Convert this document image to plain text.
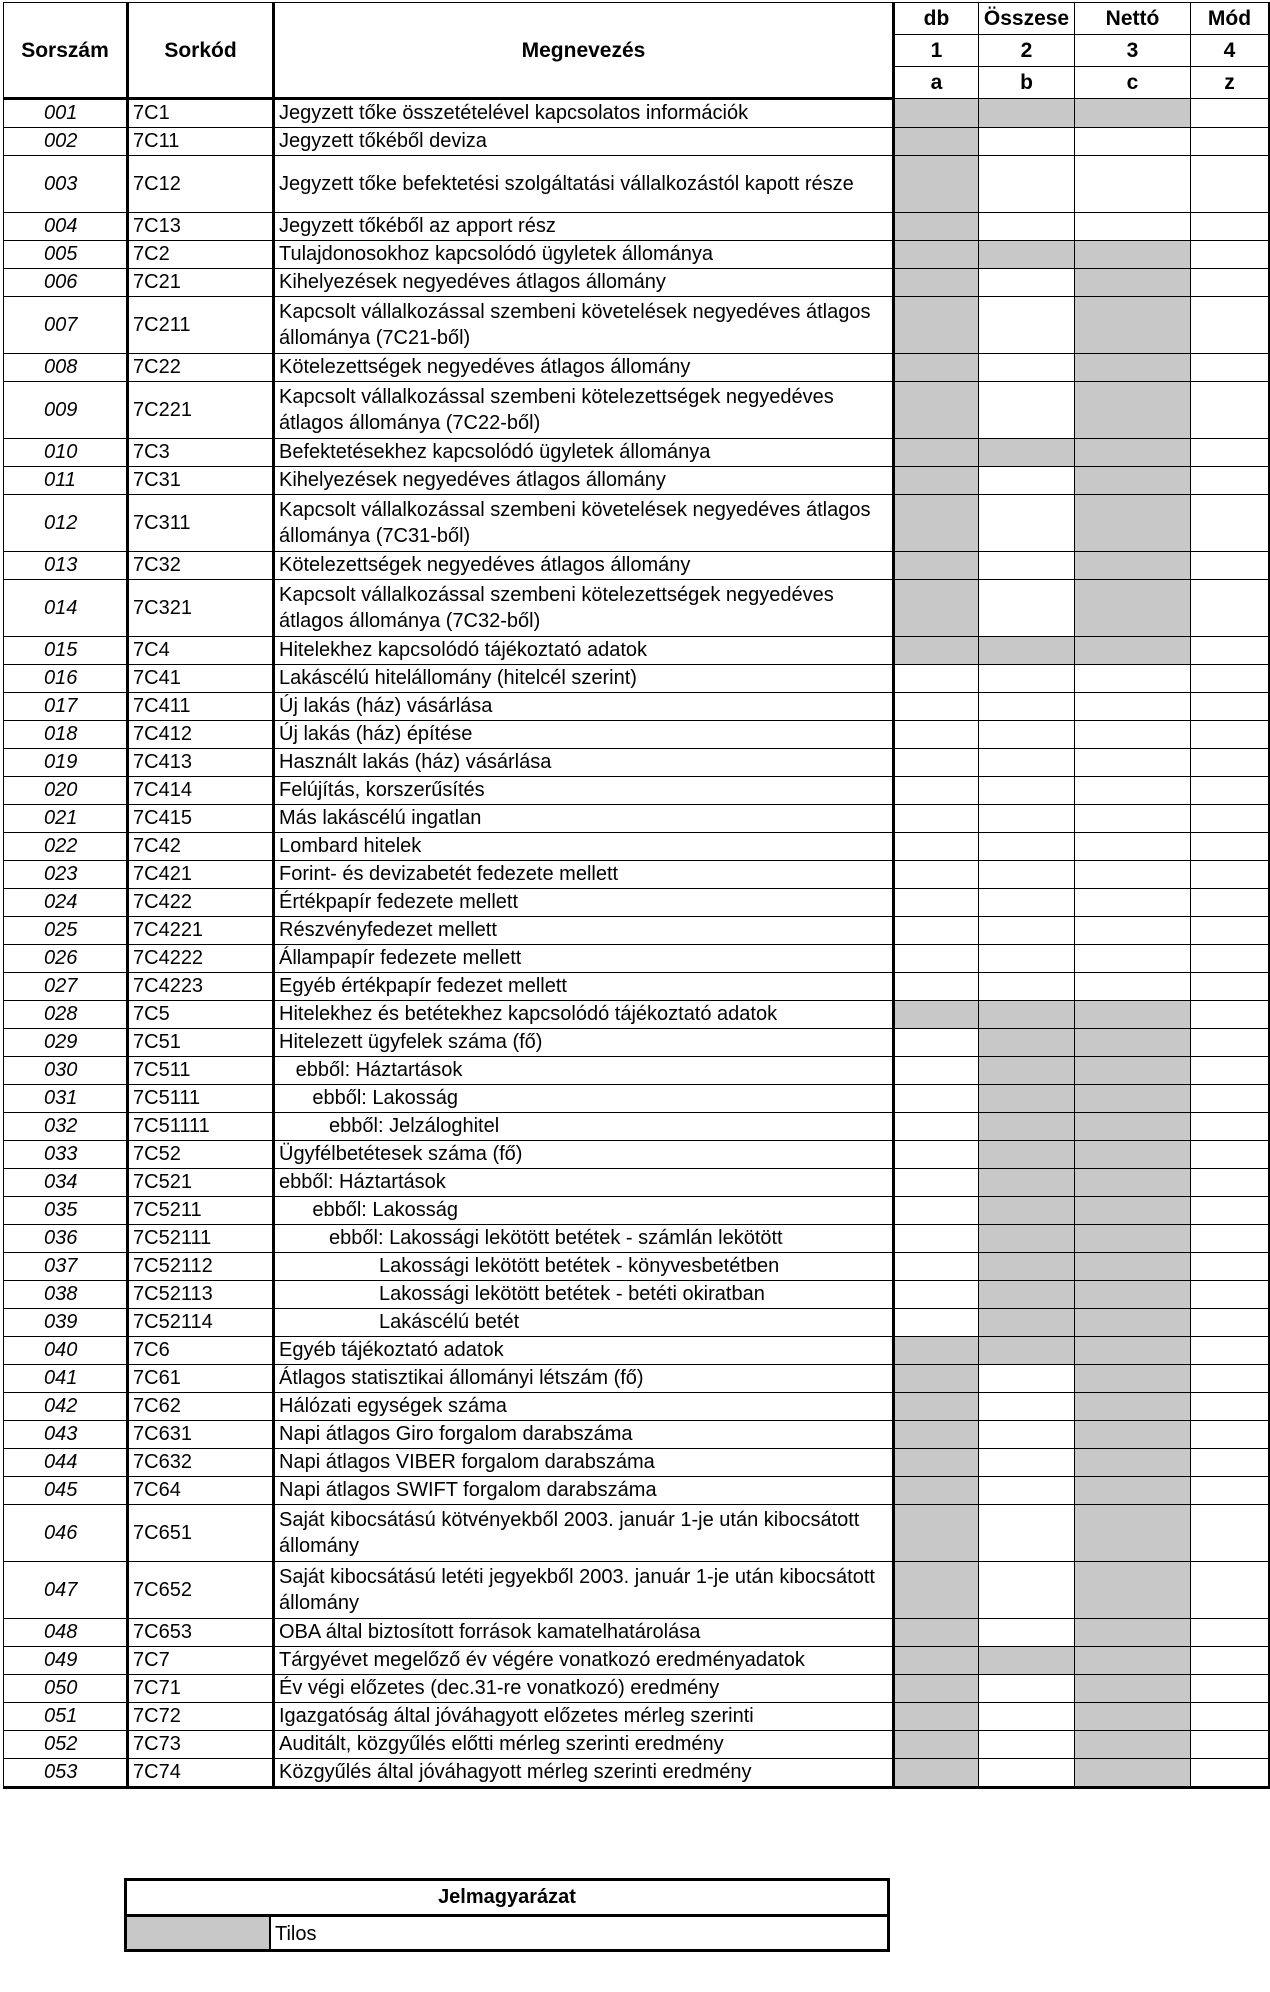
Sorszám	Sorkód	Megnevezés	db	Összese	Nettó	Mód
			1	2	3	4
			a	b	c	z
001	7C1	Jegyzett tőke összetételével kapcsolatos információk				
002	7C11	Jegyzett tőkéből deviza				
003	7C12	Jegyzett tőke befektetési szolgáltatási vállalkozástól kapott része				
004	7C13	Jegyzett tőkéből az apport rész				
005	7C2	Tulajdonosokhoz kapcsolódó ügyletek állománya				
006	7C21	Kihelyezések negyedéves átlagos állomány				
007	7C211	Kapcsolt vállalkozással szembeni követelések negyedéves átlagos állománya (7C21-ből)				
008	7C22	Kötelezettségek negyedéves átlagos állomány				
009	7C221	Kapcsolt vállalkozással szembeni kötelezettségek negyedéves átlagos állománya (7C22-ből)				
010	7C3	Befektetésekhez kapcsolódó ügyletek állománya				
011	7C31	Kihelyezések negyedéves átlagos állomány				
012	7C311	Kapcsolt vállalkozással szembeni követelések negyedéves átlagos állománya (7C31-ből)				
013	7C32	Kötelezettségek negyedéves átlagos állomány				
014	7C321	Kapcsolt vállalkozással szembeni kötelezettségek negyedéves átlagos állománya (7C32-ből)				
015	7C4	Hitelekhez kapcsolódó tájékoztató adatok				
016	7C41	Lakáscélú hitelállomány (hitelcél szerint)				
017	7C411	Új lakás (ház) vásárlása				
018	7C412	Új lakás (ház) építése				
019	7C413	Használt lakás (ház) vásárlása				
020	7C414	Felújítás, korszerűsítés				
021	7C415	Más lakáscélú ingatlan				
022	7C42	Lombard hitelek				
023	7C421	Forint- és devizabetét fedezete mellett				
024	7C422	Értékpapír fedezete mellett				
025	7C4221	Részvényfedezet mellett				
026	7C4222	Állampapír fedezete mellett				
027	7C4223	Egyéb értékpapír fedezet mellett				
028	7C5	Hitelekhez és betétekhez kapcsolódó tájékoztató adatok				
029	7C51	Hitelezett ügyfelek száma (fő)				
030	7C511	ebből: Háztartások				
031	7C5111	ebből: Lakosság				
032	7C51111	ebből: Jelzáloghitel				
033	7C52	Ügyfélbetétesek száma (fő)				
034	7C521	ebből: Háztartások				
035	7C5211	ebből: Lakosság				
036	7C52111	ebből: Lakossági lekötött betétek - számlán lekötött				
037	7C52112	Lakossági lekötött betétek - könyvesbetétben				
038	7C52113	Lakossági lekötött betétek - betéti okiratban				
039	7C52114	Lakáscélú betét				
040	7C6	Egyéb tájékoztató adatok				
041	7C61	Átlagos statisztikai állományi létszám (fő)				
042	7C62	Hálózati egységek száma				
043	7C631	Napi átlagos Giro forgalom darabszáma				
044	7C632	Napi átlagos VIBER forgalom darabszáma				
045	7C64	Napi átlagos SWIFT forgalom darabszáma				
046	7C651	Saját kibocsátású kötvényekből 2003. január 1-je után kibocsátott állomány				
047	7C652	Saját kibocsátású letéti jegyekből 2003. január 1-je után kibocsátott állomány				
048	7C653	OBA által biztosított források kamatelhatárolása				
049	7C7	Tárgyévet megelőző év végére vonatkozó eredményadatok				
050	7C71	Év végi előzetes (dec.31-re vonatkozó) eredmény				
051	7C72	Igazgatóság által jóváhagyott előzetes mérleg szerinti				
052	7C73	Auditált, közgyűlés előtti mérleg szerinti eredmény				
053	7C74	Közgyűlés által jóváhagyott mérleg szerinti eredmény				
Jelmagyarázat
Tilos
